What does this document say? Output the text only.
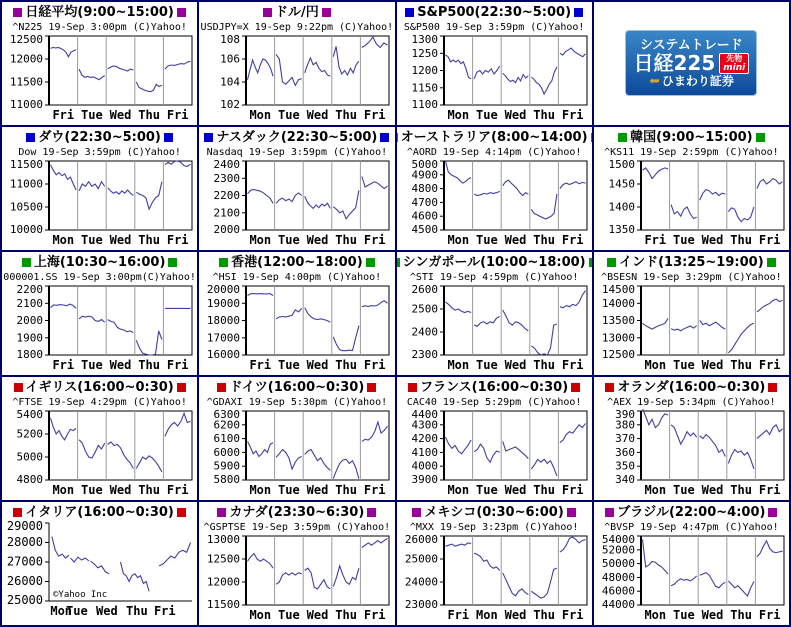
日経平均(9:00~15:00)
^N225 19-Sep 3:00pm (C)Yahoo!
12500
12000
11500
11000
Fri Tue Wed Thu Fri
ドル/円
USDJPY=X 19-Sep 9:22pm (C)Yahoo!
108
106
104
102
Mon Tue Wed Thu Fri
S&P500(22:30~5:00)
S&P500 19-Sep 3:59pm (C)Yahoo!
1300
1250
1200
1150
1100
Mon Tue Wed Thu Fri
システムトレード
日経225 先物
mini
➥ ひまわり証券
ダウ(22:30~5:00)
Dow 19-Sep 3:59pm (C)Yahoo!
11500
11000
10500
10000
Mon Tue Wed Thu Fri
ナスダック(22:30~5:00)
Nasdaq 19-Sep 3:59pm (C)Yahoo!
2400
2300
2200
2100
2000
Mon Tue Wed Thu Fri
オーストラリア(8:00~14:00)
^AORD 19-Sep 4:14pm (C)Yahoo!
5000
4900
4800
4700
4600
4500
Mon Tue Wed Thu Fri
韓国(9:00~15:00)
^KS11 19-Sep 2:59pm (C)Yahoo!
1500
1450
1400
1350
Fri Tue Wed Thu Fri
上海(10:30~16:00)
000001.SS 19-Sep 3:00pm(C)Yahoo!
2200
2100
2000
1900
1800
Fri Tue Wed Thu Fri
香港(12:00~18:00)
^HSI 19-Sep 4:00pm (C)Yahoo!
20000
19000
18000
17000
16000
Fri Tue Wed Thu Fri
シンガポール(10:00~18:00)
^STI 19-Sep 4:59pm (C)Yahoo!
2600
2500
2400
2300
Mon Tue Wed Thu Fri
インド(13:25~19:00)
^BSESN 19-Sep 3:29pm (C)Yahoo!
14500
14000
13500
13000
12500
Mon Tue Wed Thu Fri
イギリス(16:00~0:30)
^FTSE 19-Sep 4:29pm (C)Yahoo!
5400
5200
5000
4800
Mon Tue Wed Thu Fri
ドイツ(16:00~0:30)
^GDAXI 19-Sep 5:30pm (C)Yahoo!
6300
6200
6100
6000
5900
5800
Mon Tue Wed Thu Fri
フランス(16:00~0:30)
CAC40 19-Sep 5:29pm (C)Yahoo!
4400
4300
4200
4100
4000
3900
Mon Tue Wed Thu Fri
オランダ(16:00~0:30)
^AEX 19-Sep 5:34pm (C)Yahoo!
390
380
370
360
350
340
Mon Tue Wed Thu Fri
イタリア(16:00~0:30)
29000
28000
27000
26000
25000
Mon
Tue Wed Thu Fri
©Yahoo Inc
カナダ(23:30~6:30)
^GSPTSE 19-Sep 3:59pm (C)Yahoo!
13000
12500
12000
11500
Mon Tue Wed Thu Fri
メキシコ(0:30~6:00)
^MXX 19-Sep 3:23pm (C)Yahoo!
26000
25000
24000
23000
Fri Mon Wed Thu Fri
ブラジル(22:00~4:00)
^BVSP 19-Sep 4:47pm (C)Yahoo!
54000
52000
50000
48000
46000
44000
Mon Tue Wed Thu Fri
